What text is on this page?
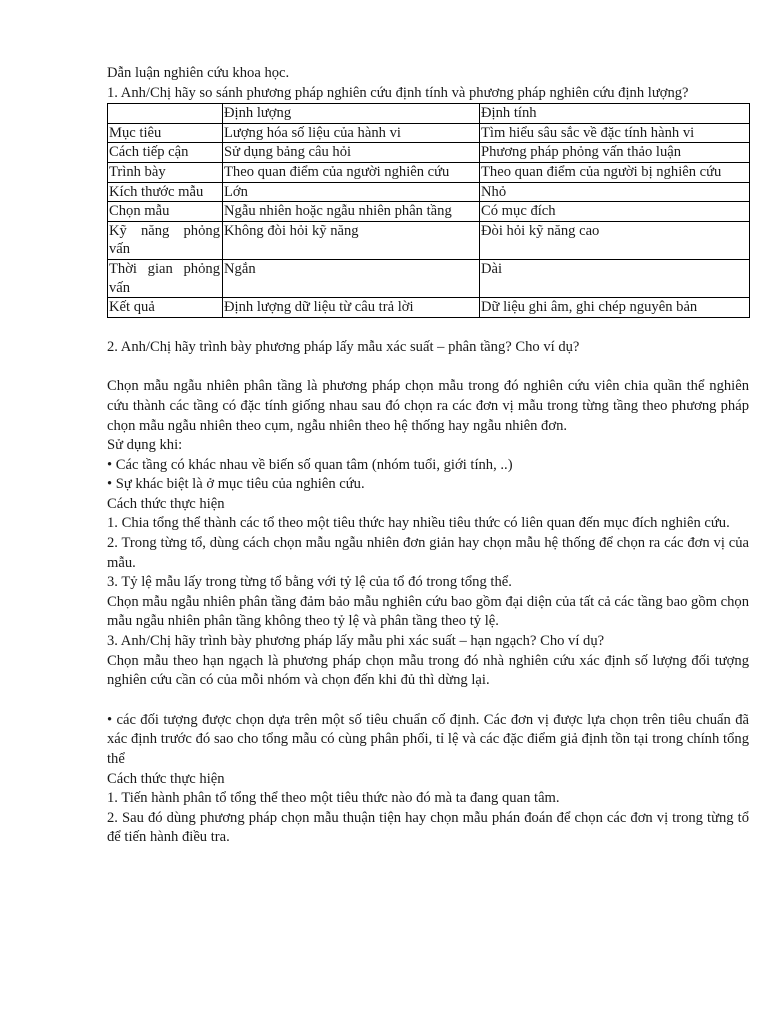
Dẫn luận nghiên cứu khoa học.

1. Anh/Chị hãy so sánh phương pháp nghiên cứu định tính và phương pháp nghiên cứu định lượng?

	Định lượng	Định tính
Mục tiêu	Lượng hóa số liệu của hành vi	Tìm hiểu sâu sắc về đặc tính hành vi
Cách tiếp cận	Sử dụng bảng câu hỏi	Phương pháp phỏng vấn thảo luận
Trình bày	Theo quan điểm của người nghiên cứu	Theo quan điểm của người bị nghiên cứu
Kích thước mẫu	Lớn	Nhỏ
Chọn mẫu	Ngẫu nhiên hoặc ngẫu nhiên phân tầng	Có mục đích
Kỹ năng phỏng vấn	Không đòi hỏi kỹ năng	Đòi hỏi kỹ năng cao
Thời gian phỏng vấn	Ngắn	Dài
Kết quả	Định lượng dữ liệu từ câu trả lời	Dữ liệu ghi âm, ghi chép nguyên bản

2. Anh/Chị hãy trình bày phương pháp lấy mẫu xác suất – phân tầng? Cho ví dụ?

Chọn mẫu ngẫu nhiên phân tầng là phương pháp chọn mẫu trong đó nghiên cứu viên chia quần thể nghiên cứu thành các tầng có đặc tính giống nhau sau đó chọn ra các đơn vị mẫu trong từng tầng theo phương pháp chọn mẫu ngẫu nhiên theo cụm, ngẫu nhiên theo hệ thống hay ngẫu nhiên đơn.

Sử dụng khi:

• Các tầng có khác nhau về biến số quan tâm (nhóm tuổi, giới tính, ..)

• Sự khác biệt là ở mục tiêu của nghiên cứu.

Cách thức thực hiện

1. Chia tổng thể thành các tổ theo một tiêu thức hay nhiều tiêu thức có liên quan đến mục đích nghiên cứu.

2. Trong từng tổ, dùng cách chọn mẫu ngẫu nhiên đơn giản hay chọn mẫu hệ thống để chọn ra các đơn vị của mẫu.

3. Tỷ lệ mẫu lấy trong từng tổ bằng với tỷ lệ của tổ đó trong tổng thể.

Chọn mẫu ngẫu nhiên phân tầng đảm bảo mẫu nghiên cứu bao gồm đại diện của tất cả các tầng bao gồm chọn mẫu ngẫu nhiên phân tầng không theo tỷ lệ và phân tầng theo tỷ lệ.

3. Anh/Chị hãy trình bày phương pháp lấy mẫu phi xác suất – hạn ngạch? Cho ví dụ?

Chọn mẫu theo hạn ngạch là phương pháp chọn mẫu trong đó nhà nghiên cứu xác định số lượng đối tượng nghiên cứu cần có của mỗi nhóm và chọn đến khi đủ thì dừng lại.

• các đối tượng được chọn dựa trên một số tiêu chuẩn cố định. Các đơn vị được lựa chọn trên tiêu chuẩn đã xác định trước đó sao cho tổng mẫu có cùng phân phối, tỉ lệ và các đặc điểm giả định tồn tại trong chính tổng thể

Cách thức thực hiện

1. Tiến hành phân tổ tổng thể theo một tiêu thức nào đó mà ta đang quan tâm.

2. Sau đó dùng phương pháp chọn mẫu thuận tiện hay chọn mẫu phán đoán để chọn các đơn vị trong từng tổ để tiến hành điều tra.
